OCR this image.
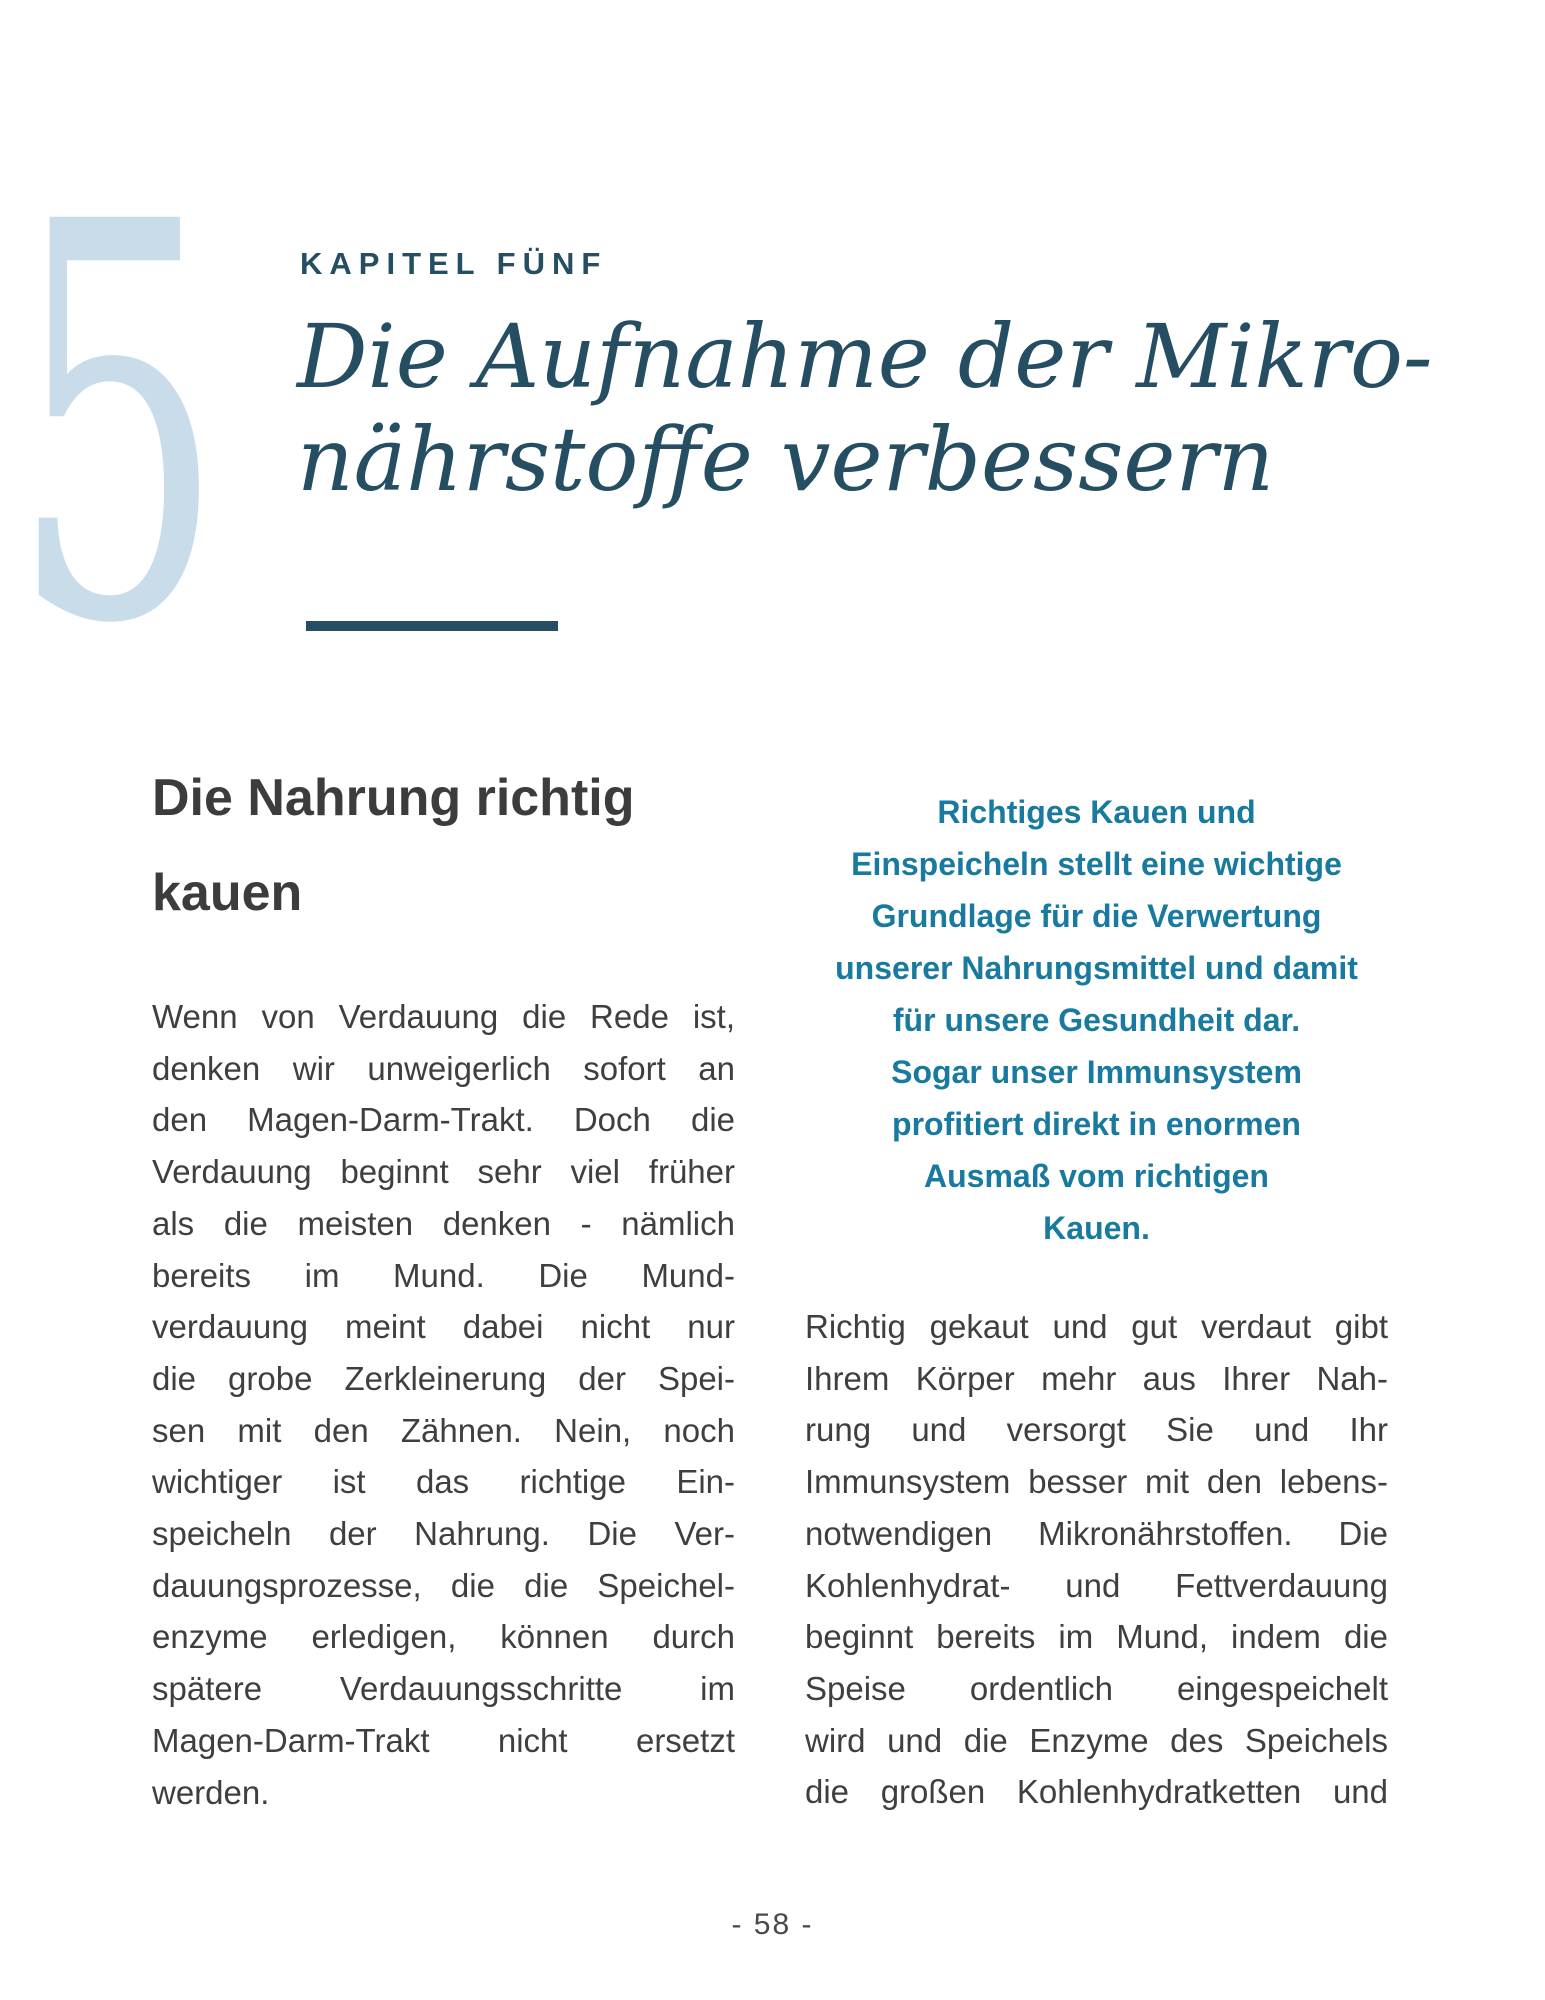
5 KAPITEL FÜNF
Die Aufnahme der Mikro-
nährstoffe verbessern
Die Nahrung richtig
kauen
Wenn von Verdauung die Rede ist,
denken wir unweigerlich sofort an
den Magen-Darm-Trakt. Doch die
Verdauung beginnt sehr viel früher
als die meisten denken - nämlich
bereits im Mund. Die Mund-
verdauung meint dabei nicht nur
die grobe Zerkleinerung der Spei-
sen mit den Zähnen. Nein, noch
wichtiger ist das richtige Ein-
speicheln der Nahrung. Die Ver-
dauungsprozesse, die die Speichel-
enzyme erledigen, können durch
spätere Verdauungsschritte im
Magen-Darm-Trakt nicht ersetzt
werden.
Richtiges Kauen und
Einspeicheln stellt eine wichtige
Grundlage für die Verwertung
unserer Nahrungsmittel und damit
für unsere Gesundheit dar.
Sogar unser Immunsystem
profitiert direkt in enormen
Ausmaß vom richtigen
Kauen.
Richtig gekaut und gut verdaut gibt
Ihrem Körper mehr aus Ihrer Nah-
rung und versorgt Sie und Ihr
Immunsystem besser mit den lebens-
notwendigen Mikronährstoffen. Die
Kohlenhydrat- und Fettverdauung
beginnt bereits im Mund, indem die
Speise ordentlich eingespeichelt
wird und die Enzyme des Speichels
die großen Kohlenhydratketten und
- 58 -
